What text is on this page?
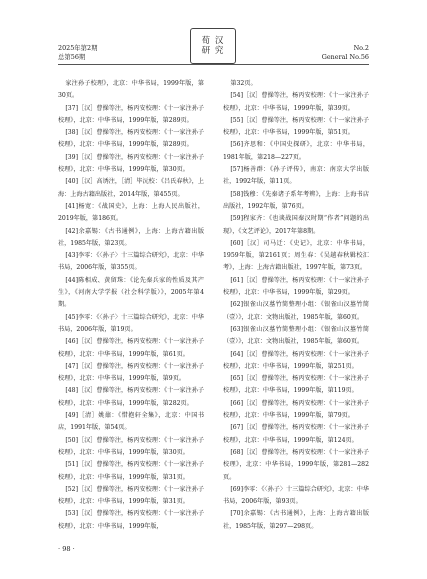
2025年第2期
总第56期
荀 汉
研 究	No.2
General No.56

家注孙子校理》，北京：中华书局，1999年版，第30页。

[37]［汉］曹操等注，杨丙安校理：《十一家注孙子校理》，北京：中华书局，1999年版，第289页。

[38]［汉］曹操等注，杨丙安校理：《十一家注孙子校理》，北京：中华书局，1999年版，第289页。

[39]［汉］曹操等注，杨丙安校理：《十一家注孙子校理》，北京：中华书局，1999年版，第30页。

[40]［汉］高诱注，［清］毕沅校：《吕氏春秋》，上海：上海古籍出版社，2014年版，第455页。

[41]杨宽：《战国史》，上海：上海人民出版社，2019年版，第186页。

[42]余嘉锡：《古书通例》，上海：上海古籍出版社，1985年版，第23页。

[43]李零：《〈孙子〉十三篇综合研究》，北京：中华书局，2006年版，第355页。

[44]陈相成、黄留珠：《论先秦兵家的性质及其产生》，《河南大学学报（社会科学版）》，2005年第4期。

[45]李零：《〈孙子〉十三篇综合研究》，北京：中华书局，2006年版，第19页。

[46]［汉］曹操等注，杨丙安校理：《十一家注孙子校理》，北京：中华书局，1999年版，第61页。

[47]［汉］曹操等注，杨丙安校理：《十一家注孙子校理》，北京：中华书局，1999年版，第9页。

[48]［汉］曹操等注，杨丙安校理：《十一家注孙子校理》，北京：中华书局，1999年版，第282页。

[49]［清］姚鼐：《惜抱轩全集》，北京：中国书店，1991年版，第54页。

[50]［汉］曹操等注，杨丙安校理：《十一家注孙子校理》，北京：中华书局，1999年版，第30页。

[51]［汉］曹操等注，杨丙安校理：《十一家注孙子校理》，北京：中华书局，1999年版，第31页。

[52]［汉］曹操等注，杨丙安校理：《十一家注孙子校理》，北京：中华书局，1999年版，第31页。

[53]［汉］曹操等注，杨丙安校理：《十一家注孙子校理》，北京：中华书局，1999年版，

第32页。

[54]［汉］曹操等注，杨丙安校理：《十一家注孙子校理》，北京：中华书局，1999年版，第39页。

[55]［汉］曹操等注，杨丙安校理：《十一家注孙子校理》，北京：中华书局，1999年版，第51页。

[56]齐思和：《中国史探研》，北京：中华书局，1981年版，第218—227页。

[57]杨善群：《孙子评传》，南京：南京大学出版社，1992年版，第11页。

[58]钱穆：《先秦诸子系年考辨》，上海：上海书店出版社，1992年版，第76页。

[59]程家齐：《也谈战国秦汉时期“作者”问题的出现》，《文艺评论》，2017年第8期。

[60]［汉］司马迁：《史记》，北京：中华书局，1959年版，第2161页；周生春：《吴越春秋辑校汇考》，上海：上海古籍出版社，1997年版，第73页。

[61]［汉］曹操等注，杨丙安校理：《十一家注孙子校理》，北京：中华书局，1999年版，第29页。

[62]银雀山汉墓竹简整理小组：《银雀山汉墓竹简（壹）》，北京：文物出版社，1985年版，第60页。

[63]银雀山汉墓竹简整理小组：《银雀山汉墓竹简（壹）》，北京：文物出版社，1985年版，第60页。

[64]［汉］曹操等注，杨丙安校理：《十一家注孙子校理》，北京：中华书局，1999年版，第251页。

[65]［汉］曹操等注，杨丙安校理：《十一家注孙子校理》，北京：中华书局，1999年版，第119页。

[66]［汉］曹操等注，杨丙安校理：《十一家注孙子校理》，北京：中华书局，1999年版，第79页。

[67]［汉］曹操等注，杨丙安校理：《十一家注孙子校理》，北京：中华书局，1999年版，第124页。

[68]［汉］曹操等注，杨丙安校理：《十一家注孙子校理》，北京：中华书局，1999年版，第281—282页。

[69]李零：《〈孙子〉十三篇综合研究》，北京：中华书局，2006年版，第93页。

[70]余嘉锡：《古书通例》，上海：上海古籍出版社，1985年版，第297—298页。

· 98 ·
